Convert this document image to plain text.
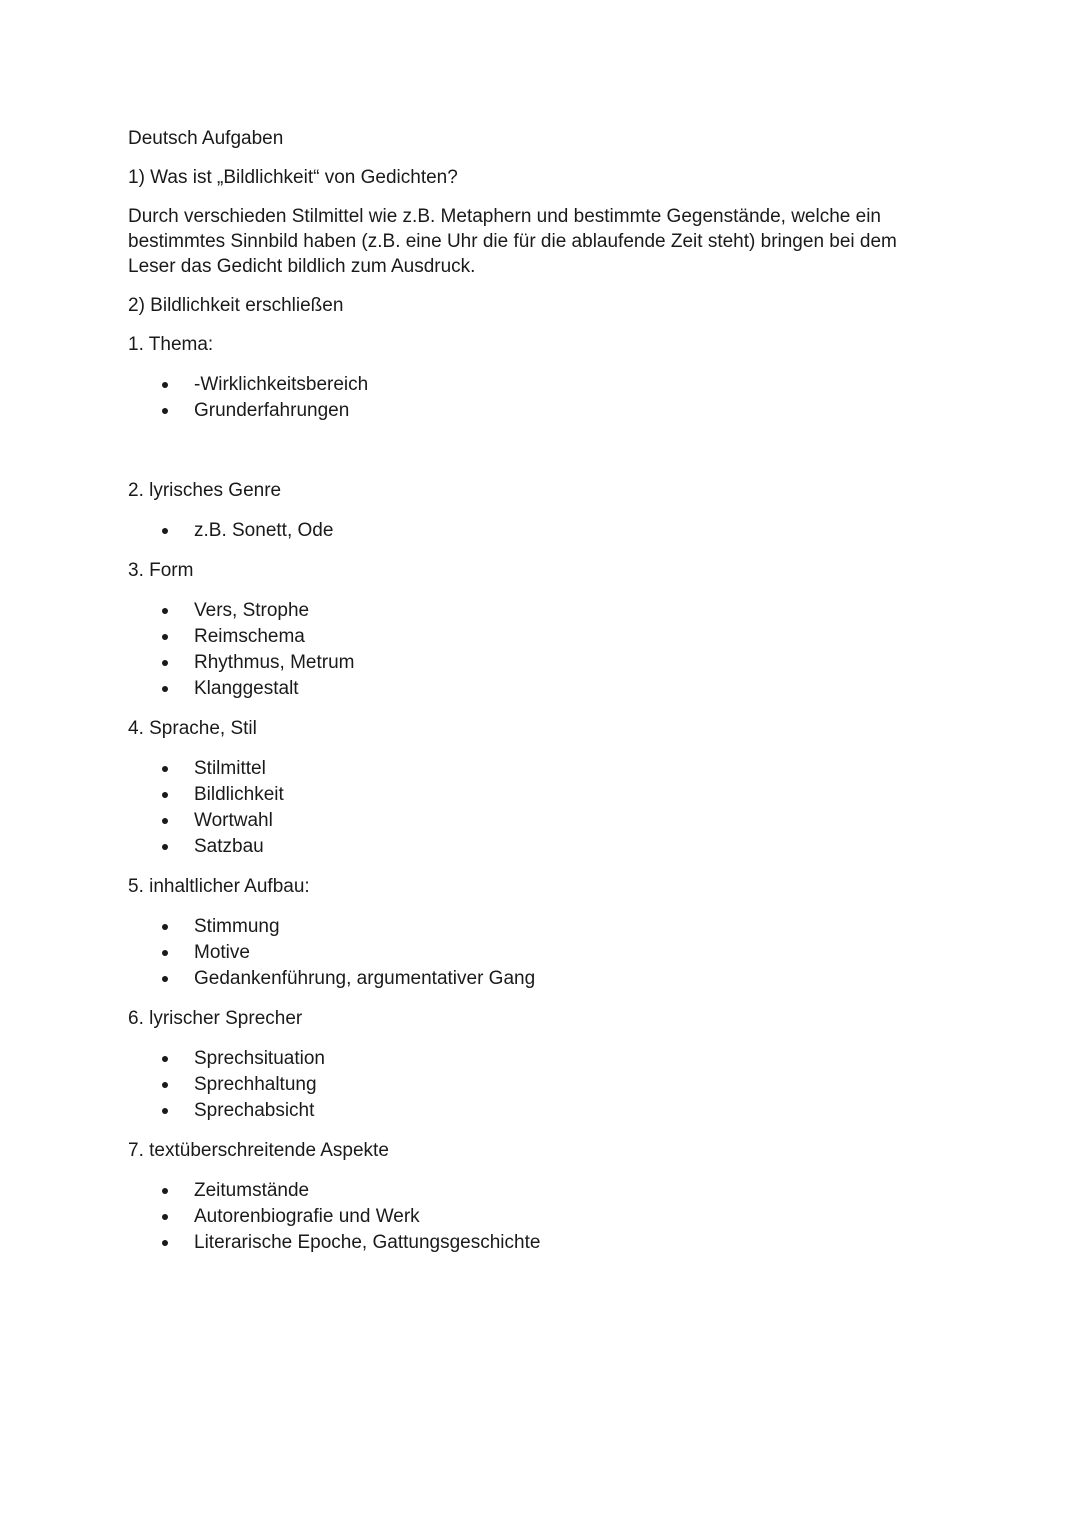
Deutsch Aufgaben

1) Was ist „Bildlichkeit“ von Gedichten?

Durch verschieden Stilmittel wie z.B. Metaphern und bestimmte Gegenstände, welche ein

bestimmtes Sinnbild haben (z.B. eine Uhr die für die ablaufende Zeit steht) bringen bei dem

Leser das Gedicht bildlich zum Ausdruck.

2) Bildlichkeit erschließen

1. Thema:

-Wirklichkeitsbereich
Grunderfahrungen

2. lyrisches Genre

z.B. Sonett, Ode

3. Form

Vers, Strophe
Reimschema
Rhythmus, Metrum
Klanggestalt

4. Sprache, Stil

Stilmittel
Bildlichkeit
Wortwahl
Satzbau

5. inhaltlicher Aufbau:

Stimmung
Motive
Gedankenführung, argumentativer Gang

6. lyrischer Sprecher

Sprechsituation
Sprechhaltung
Sprechabsicht

7. textüberschreitende Aspekte

Zeitumstände
Autorenbiografie und Werk
Literarische Epoche, Gattungsgeschichte
